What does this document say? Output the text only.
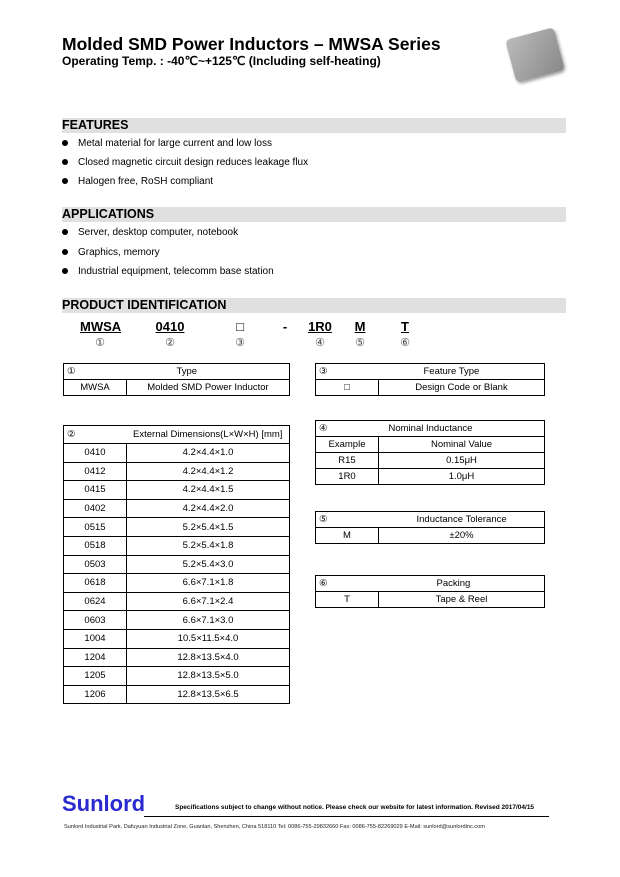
Molded SMD Power Inductors – MWSA Series
Operating Temp. : -40℃~+125℃ (Including self-heating)
FEATURES
Metal material for large current and low loss
Closed magnetic circuit design reduces leakage flux
Halogen free, RoSH compliant
APPLICATIONS
Server, desktop computer, notebook
Graphics, memory
Industrial equipment, telecomm base station
PRODUCT IDENTIFICATION
MWSA
①
0410
②
□
③
-	1R0
④
M
⑤
T
⑥
①	Type
MWSA	Molded SMD Power Inductor
②	External Dimensions(L×W×H) [mm]
0410	4.2×4.4×1.0
0412	4.2×4.4×1.2
0415	4.2×4.4×1.5
0402	4.2×4.4×2.0
0515	5.2×5.4×1.5
0518	5.2×5.4×1.8
0503	5.2×5.4×3.0
0618	6.6×7.1×1.8
0624	6.6×7.1×2.4
0603	6.6×7.1×3.0
1004	10.5×11.5×4.0
1204	12.8×13.5×4.0
1205	12.8×13.5×5.0
1206	12.8×13.5×6.5
③	Feature Type
□	Design Code or Blank
④	Nominal Inductance
Example	Nominal Value
R15	0.15μH
1R0	1.0μH
⑤	Inductance Tolerance
M	±20%
⑥	Packing
T	Tape & Reel
Sunlord	Specifications subject to change without notice. Please check our website for latest information. Revised 2017/04/15
Sunlord Industrial Park, Dafuyuan Industrial Zone, Guanlan, Shenzhen, China 518110 Tel: 0086-755-29832660 Fax: 0086-755-82269029 E-Mail: sunlord@sunlordinc.com
